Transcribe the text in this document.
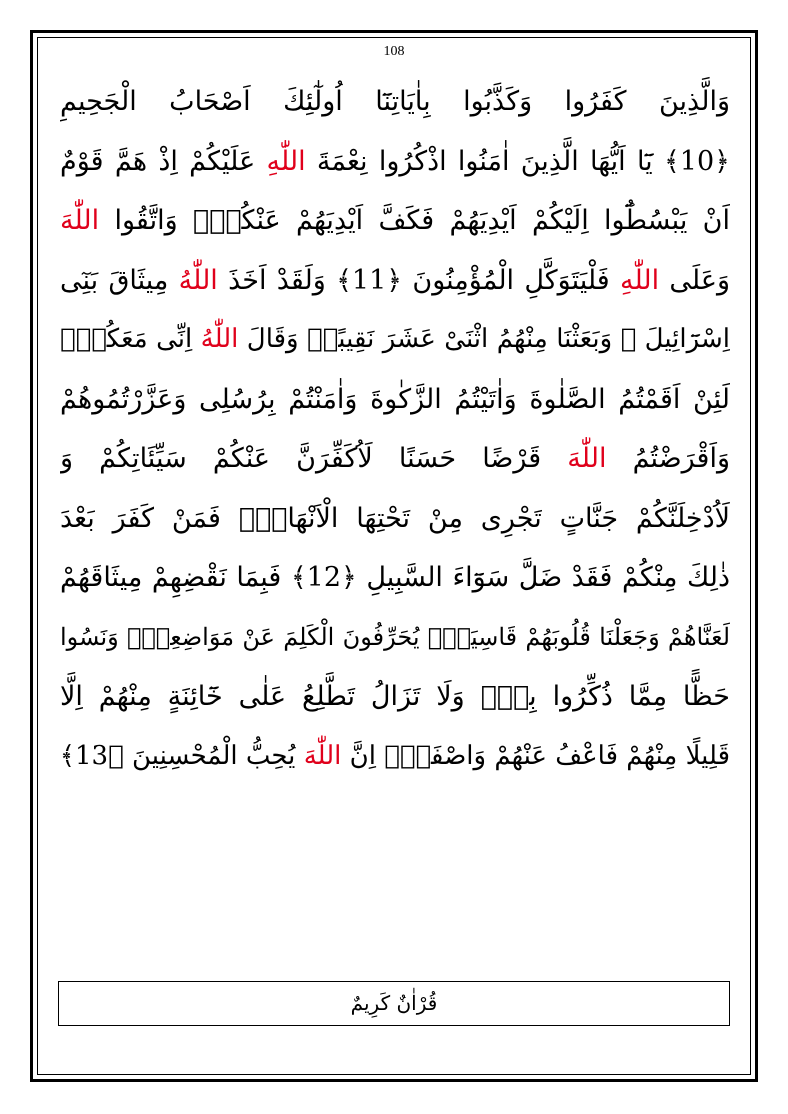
108
وَالَّذِينَ كَفَرُوا وَكَذَّبُوا بِاٰيَاتِنَٓا اُولٰٓئِكَ اَصْحَابُ الْجَحِيمِ
﴿10﴾ يَٓا اَيُّهَا الَّذِينَ اٰمَنُوا اذْكُرُوا نِعْمَةَ اللّٰهِ عَلَيْكُمْ اِذْ هَمَّ قَوْمٌ
اَنْ يَبْسُطُٓوا اِلَيْكُمْ اَيْدِيَهُمْ فَكَفَّ اَيْدِيَهُمْ عَنْكُمْۚ وَاتَّقُوا اللّٰهَ
وَعَلَى اللّٰهِ فَلْيَتَوَكَّلِ الْمُؤْمِنُونَ ﴿11﴾ وَلَقَدْ اَخَذَ اللّٰهُ مِيثَاقَ بَنِٓى
اِسْرَٓائِيلَ ۚ وَبَعَثْنَا مِنْهُمُ اثْنَىْ عَشَرَ نَقِيبًاۜ وَقَالَ اللّٰهُ اِنِّى مَعَكُمْۜ
لَئِنْ اَقَمْتُمُ الصَّلٰوةَ وَاٰتَيْتُمُ الزَّكٰوةَ وَاٰمَنْتُمْ بِرُسُلِى وَعَزَّرْتُمُوهُمْ
وَاَقْرَضْتُمُ اللّٰهَ قَرْضًا حَسَنًا لَاُكَفِّرَنَّ عَنْكُمْ سَيِّئَاتِكُمْ وَ
لَاُدْخِلَنَّكُمْ جَنَّاتٍ تَجْرِى مِنْ تَحْتِهَا الْاَنْهَارُۚ فَمَنْ كَفَرَ بَعْدَ
ذٰلِكَ مِنْكُمْ فَقَدْ ضَلَّ سَوَٓاءَ السَّبِيلِ ﴿12﴾ فَبِمَا نَقْضِهِمْ مِيثَاقَهُمْ
لَعَنَّاهُمْ وَجَعَلْنَا قُلُوبَهُمْ قَاسِيَةًۚ يُحَرِّفُونَ الْكَلِمَ عَنْ مَوَاضِعِهٖۙ وَنَسُوا
حَظًّا مِمَّا ذُكِّرُوا بِهٖۚ وَلَا تَزَالُ تَطَّلِعُ عَلٰى خَٓائِنَةٍ مِنْهُمْ اِلَّا
قَلِيلًا مِنْهُمْ فَاعْفُ عَنْهُمْ وَاصْفَحْۜ اِنَّ اللّٰهَ يُحِبُّ الْمُحْسِنِينَ ﴿13﴾
قُرْاٰنٌ كَرِيمٌ
